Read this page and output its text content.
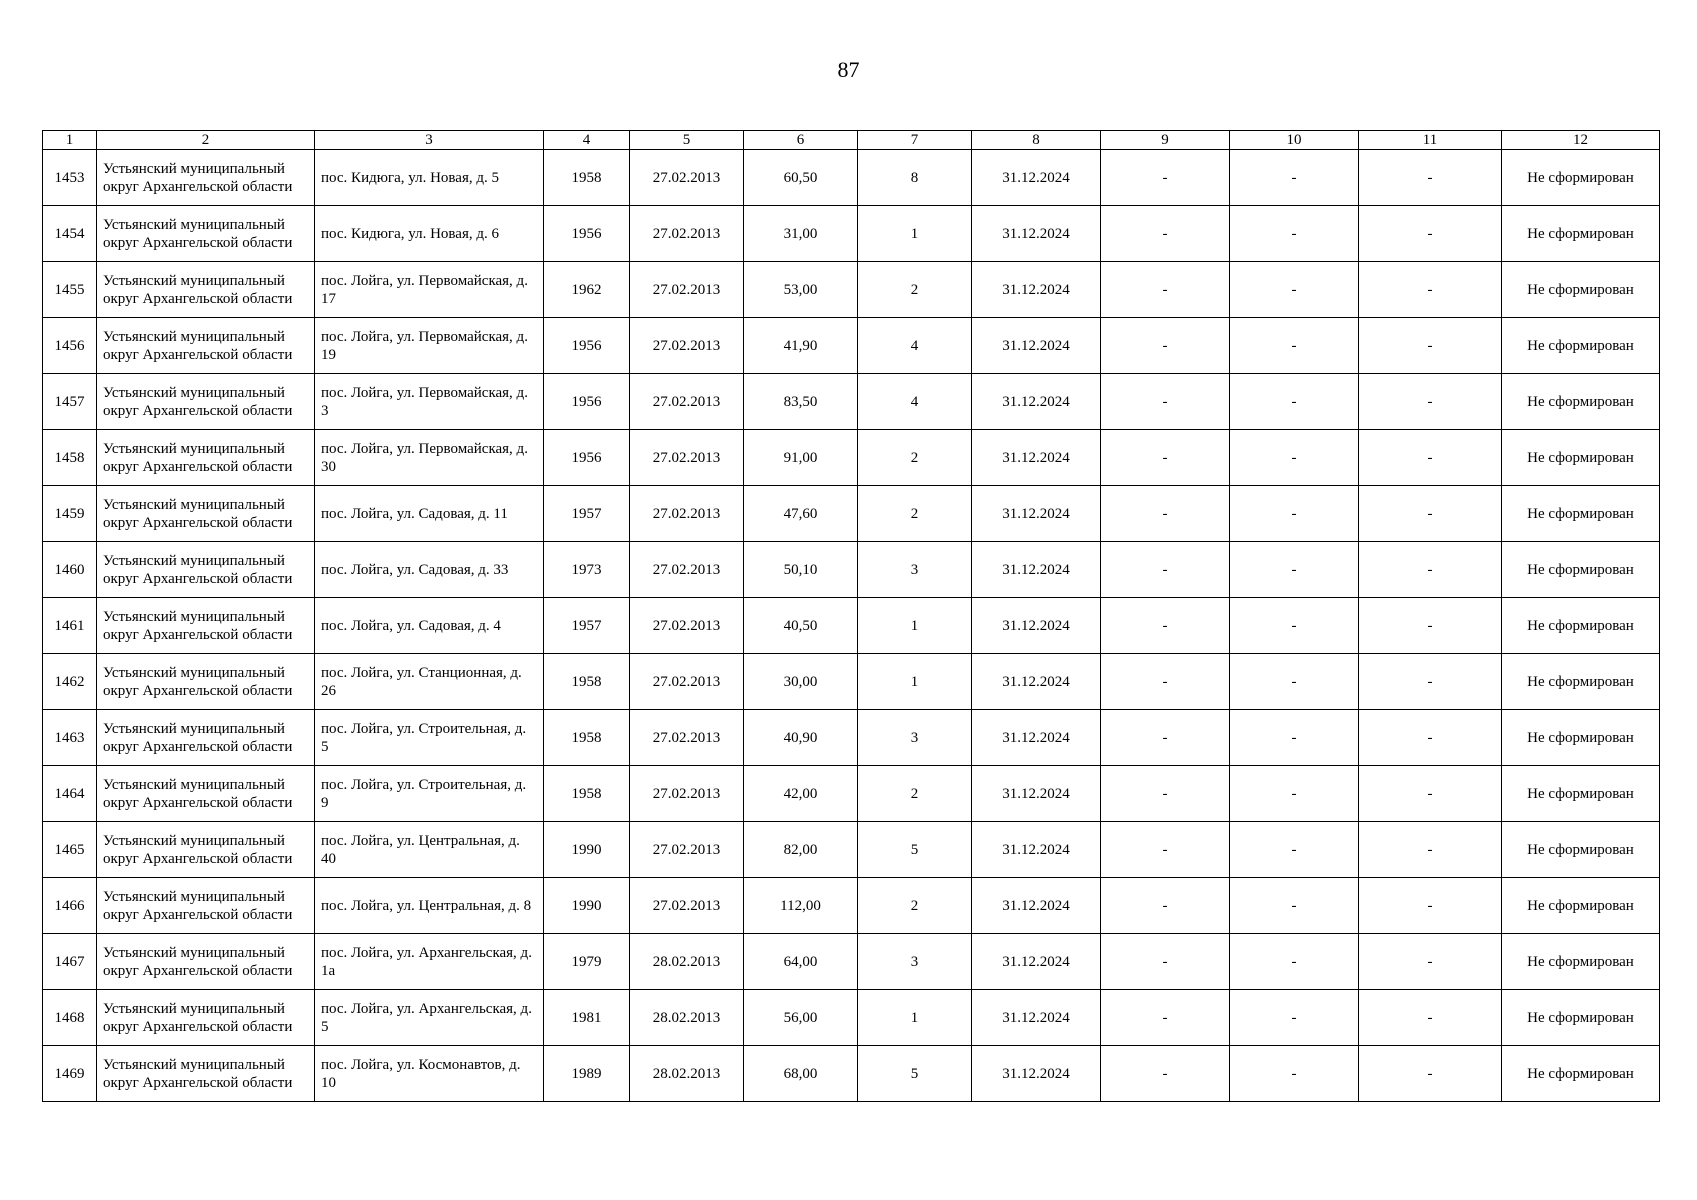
87
1	2	3	4	5	6	7	8	9	10	11	12
1453	Устьянский муниципальный округ Архангельской области	пос. Кидюга, ул. Новая, д. 5	1958	27.02.2013	60,50	8	31.12.2024	-	-	-	Не сформирован
1454	Устьянский муниципальный округ Архангельской области	пос. Кидюга, ул. Новая, д. 6	1956	27.02.2013	31,00	1	31.12.2024	-	-	-	Не сформирован
1455	Устьянский муниципальный округ Архангельской области	пос. Лойга, ул. Первомайская, д. 17	1962	27.02.2013	53,00	2	31.12.2024	-	-	-	Не сформирован
1456	Устьянский муниципальный округ Архангельской области	пос. Лойга, ул. Первомайская, д. 19	1956	27.02.2013	41,90	4	31.12.2024	-	-	-	Не сформирован
1457	Устьянский муниципальный округ Архангельской области	пос. Лойга, ул. Первомайская, д. 3	1956	27.02.2013	83,50	4	31.12.2024	-	-	-	Не сформирован
1458	Устьянский муниципальный округ Архангельской области	пос. Лойга, ул. Первомайская, д. 30	1956	27.02.2013	91,00	2	31.12.2024	-	-	-	Не сформирован
1459	Устьянский муниципальный округ Архангельской области	пос. Лойга, ул. Садовая, д. 11	1957	27.02.2013	47,60	2	31.12.2024	-	-	-	Не сформирован
1460	Устьянский муниципальный округ Архангельской области	пос. Лойга, ул. Садовая, д. 33	1973	27.02.2013	50,10	3	31.12.2024	-	-	-	Не сформирован
1461	Устьянский муниципальный округ Архангельской области	пос. Лойга, ул. Садовая, д. 4	1957	27.02.2013	40,50	1	31.12.2024	-	-	-	Не сформирован
1462	Устьянский муниципальный округ Архангельской области	пос. Лойга, ул. Станционная, д. 26	1958	27.02.2013	30,00	1	31.12.2024	-	-	-	Не сформирован
1463	Устьянский муниципальный округ Архангельской области	пос. Лойга, ул. Строительная, д. 5	1958	27.02.2013	40,90	3	31.12.2024	-	-	-	Не сформирован
1464	Устьянский муниципальный округ Архангельской области	пос. Лойга, ул. Строительная, д. 9	1958	27.02.2013	42,00	2	31.12.2024	-	-	-	Не сформирован
1465	Устьянский муниципальный округ Архангельской области	пос. Лойга, ул. Центральная, д. 40	1990	27.02.2013	82,00	5	31.12.2024	-	-	-	Не сформирован
1466	Устьянский муниципальный округ Архангельской области	пос. Лойга, ул. Центральная, д. 8	1990	27.02.2013	112,00	2	31.12.2024	-	-	-	Не сформирован
1467	Устьянский муниципальный округ Архангельской области	пос. Лойга, ул. Архангельская, д. 1а	1979	28.02.2013	64,00	3	31.12.2024	-	-	-	Не сформирован
1468	Устьянский муниципальный округ Архангельской области	пос. Лойга, ул. Архангельская, д. 5	1981	28.02.2013	56,00	1	31.12.2024	-	-	-	Не сформирован
1469	Устьянский муниципальный округ Архангельской области	пос. Лойга, ул. Космонавтов, д. 10	1989	28.02.2013	68,00	5	31.12.2024	-	-	-	Не сформирован
